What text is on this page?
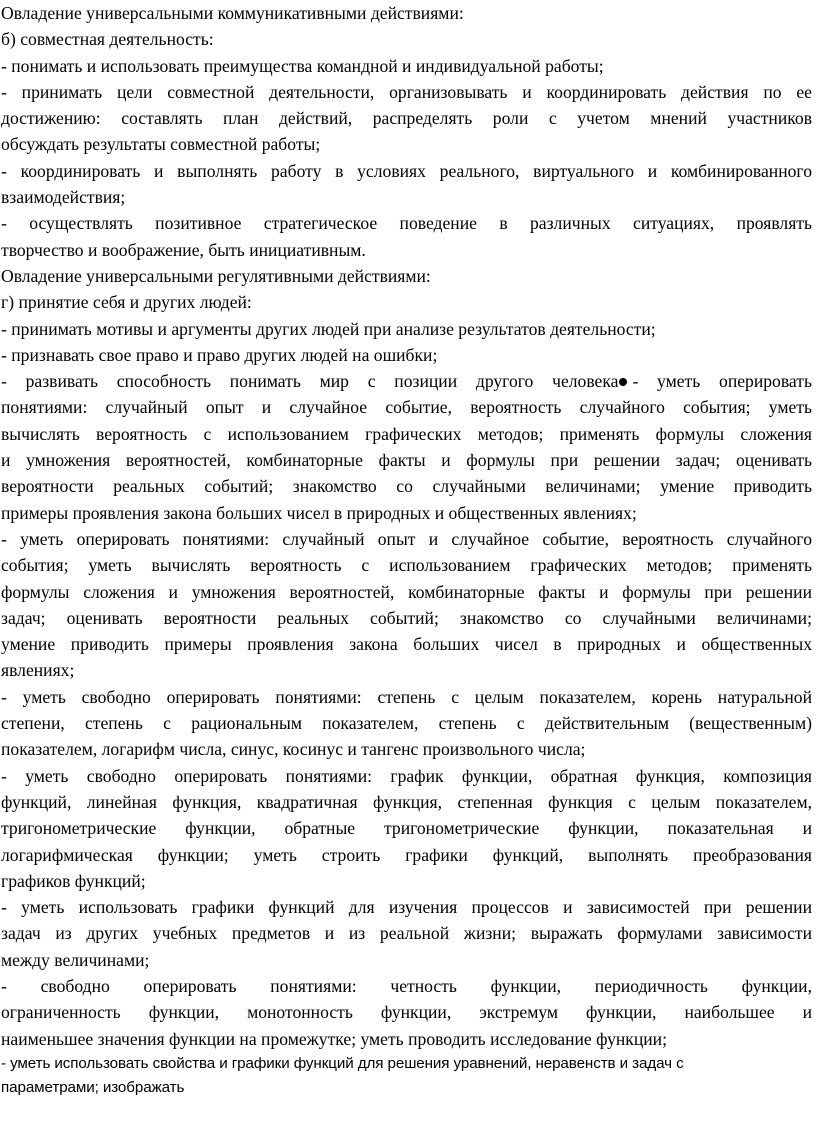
Овладение универсальными коммуникативными действиями:

б) совместная деятельность:

- понимать и использовать преимущества командной и индивидуальной работы;

- принимать цели совместной деятельности, организовывать и координировать действия по ее

достижению: составлять план действий, распределять роли с учетом мнений участников

обсуждать результаты совместной работы;

- координировать и выполнять работу в условиях реального, виртуального и комбинированного

взаимодействия;

- осуществлять позитивное стратегическое поведение в различных ситуациях, проявлять

творчество и воображение, быть инициативным.

Овладение универсальными регулятивными действиями:

г) принятие себя и других людей:

- принимать мотивы и аргументы других людей при анализе результатов деятельности;

- признавать свое право и право других людей на ошибки;

- развивать способность понимать мир с позиции другого человека - уметь оперировать

понятиями: случайный опыт и случайное событие, вероятность случайного события; уметь

вычислять вероятность с использованием графических методов; применять формулы сложения

и умножения вероятностей, комбинаторные факты и формулы при решении задач; оценивать

вероятности реальных событий; знакомство со случайными величинами; умение приводить

примеры проявления закона больших чисел в природных и общественных явлениях;

- уметь оперировать понятиями: случайный опыт и случайное событие, вероятность случайного

события; уметь вычислять вероятность с использованием графических методов; применять

формулы сложения и умножения вероятностей, комбинаторные факты и формулы при решении

задач; оценивать вероятности реальных событий; знакомство со случайными величинами;

умение приводить примеры проявления закона больших чисел в природных и общественных

явлениях;

- уметь свободно оперировать понятиями: степень с целым показателем, корень натуральной

степени, степень с рациональным показателем, степень с действительным (вещественным)

показателем, логарифм числа, синус, косинус и тангенс произвольного числа;

- уметь свободно оперировать понятиями: график функции, обратная функция, композиция

функций, линейная функция, квадратичная функция, степенная функция с целым показателем,

тригонометрические функции, обратные тригонометрические функции, показательная и

логарифмическая функции; уметь строить графики функций, выполнять преобразования

графиков функций;

- уметь использовать графики функций для изучения процессов и зависимостей при решении

задач из других учебных предметов и из реальной жизни; выражать формулами зависимости

между величинами;

- свободно оперировать понятиями: четность функции, периодичность функции,

ограниченность функции, монотонность функции, экстремум функции, наибольшее и

наименьшее значения функции на промежутке; уметь проводить исследование функции;

- уметь использовать свойства и графики функций для решения уравнений, неравенств и задач с

параметрами; изображать
